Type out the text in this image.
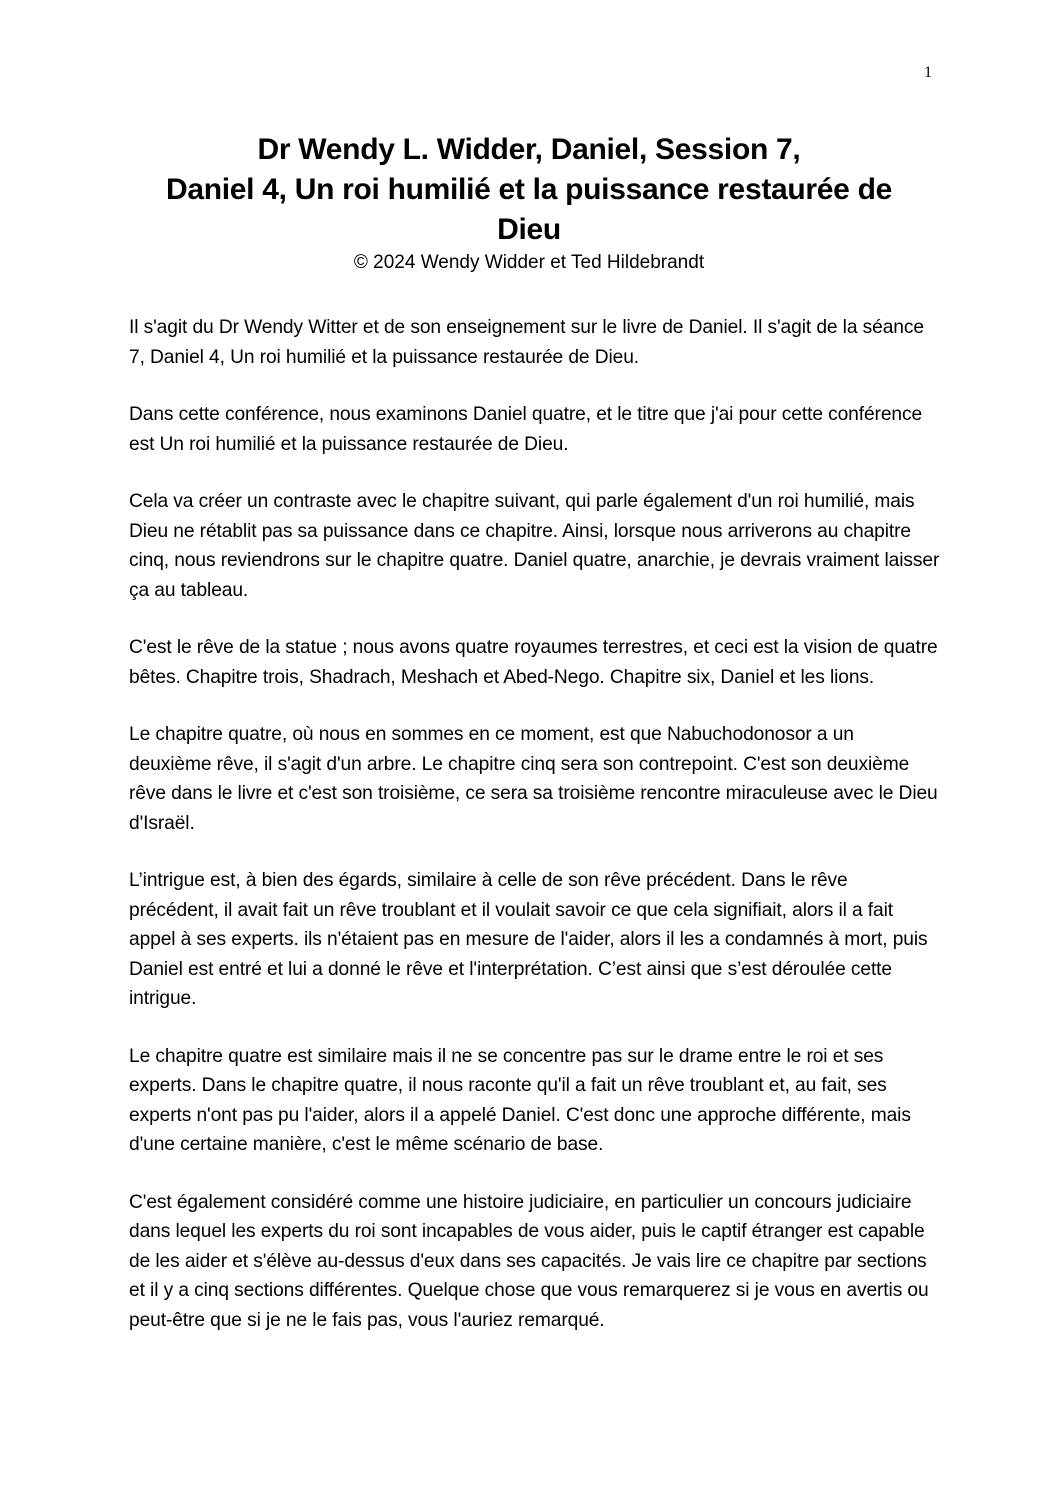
1
Dr Wendy L. Widder, Daniel, Session 7,
Daniel 4, Un roi humilié et la puissance restaurée de
Dieu
© 2024 Wendy Widder et Ted Hildebrandt

Il s'agit du Dr Wendy Witter et de son enseignement sur le livre de Daniel. Il s'agit de la séance 7, Daniel 4, Un roi humilié et la puissance restaurée de Dieu.

Dans cette conférence, nous examinons Daniel quatre, et le titre que j'ai pour cette conférence est Un roi humilié et la puissance restaurée de Dieu.

Cela va créer un contraste avec le chapitre suivant, qui parle également d'un roi humilié, mais Dieu ne rétablit pas sa puissance dans ce chapitre. Ainsi, lorsque nous arriverons au chapitre cinq, nous reviendrons sur le chapitre quatre. Daniel quatre, anarchie, je devrais vraiment laisser ça au tableau.

C'est le rêve de la statue ; nous avons quatre royaumes terrestres, et ceci est la vision de quatre bêtes. Chapitre trois, Shadrach, Meshach et Abed-Nego. Chapitre six, Daniel et les lions.

Le chapitre quatre, où nous en sommes en ce moment, est que Nabuchodonosor a un deuxième rêve, il s'agit d'un arbre. Le chapitre cinq sera son contrepoint. C'est son deuxième rêve dans le livre et c'est son troisième, ce sera sa troisième rencontre miraculeuse avec le Dieu d'Israël.

L’intrigue est, à bien des égards, similaire à celle de son rêve précédent. Dans le rêve précédent, il avait fait un rêve troublant et il voulait savoir ce que cela signifiait, alors il a fait appel à ses experts. ils n'étaient pas en mesure de l'aider, alors il les a condamnés à mort, puis Daniel est entré et lui a donné le rêve et l'interprétation. C’est ainsi que s’est déroulée cette intrigue.

Le chapitre quatre est similaire mais il ne se concentre pas sur le drame entre le roi et ses experts. Dans le chapitre quatre, il nous raconte qu'il a fait un rêve troublant et, au fait, ses experts n'ont pas pu l'aider, alors il a appelé Daniel. C'est donc une approche différente, mais d'une certaine manière, c'est le même scénario de base.

C'est également considéré comme une histoire judiciaire, en particulier un concours judiciaire dans lequel les experts du roi sont incapables de vous aider, puis le captif étranger est capable de les aider et s'élève au-dessus d'eux dans ses capacités. Je vais lire ce chapitre par sections et il y a cinq sections différentes. Quelque chose que vous remarquerez si je vous en avertis ou peut-être que si je ne le fais pas, vous l'auriez remarqué.
